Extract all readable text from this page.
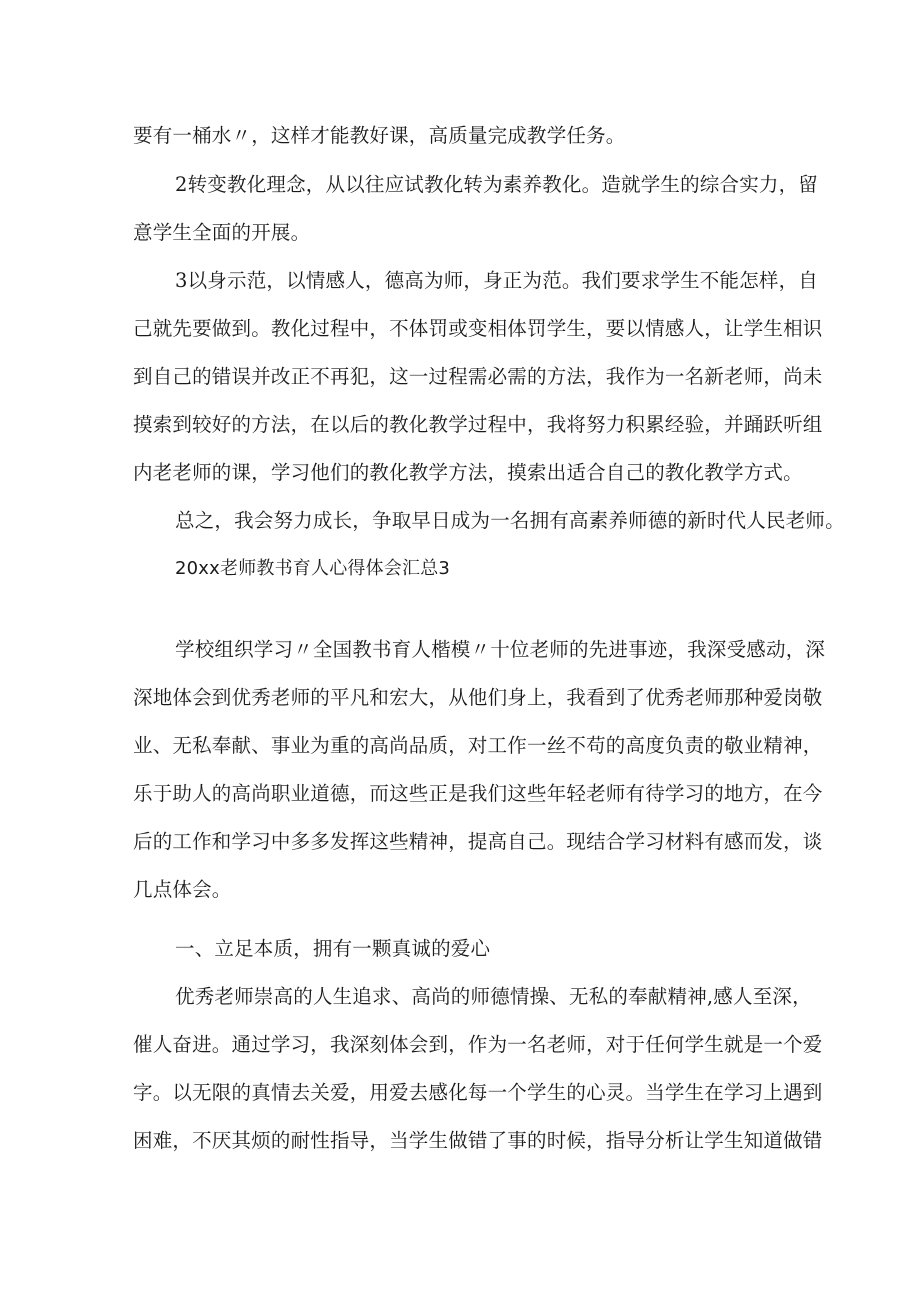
要有一桶水〃，这样才能教好课，高质量完成教学任务。
2转变教化理念，从以往应试教化转为素养教化。造就学生的综合实力，留
意学生全面的开展。
3以身示范，以情感人，德高为师，身正为范。我们要求学生不能怎样，自
己就先要做到。教化过程中，不体罚或变相体罚学生，要以情感人，让学生相识
到自己的错误并改正不再犯，这一过程需必需的方法，我作为一名新老师，尚未
摸索到较好的方法，在以后的教化教学过程中，我将努力积累经验，并踊跃听组
内老老师的课，学习他们的教化教学方法，摸索出适合自己的教化教学方式。
总之，我会努力成长，争取早日成为一名拥有高素养师德的新时代人民老师。
20xx老师教书育人心得体会汇总3
学校组织学习〃全国教书育人楷模〃十位老师的先进事迹，我深受感动，深
深地体会到优秀老师的平凡和宏大，从他们身上，我看到了优秀老师那种爱岗敬
业、无私奉献、事业为重的高尚品质，对工作一丝不苟的高度负责的敬业精神，
乐于助人的高尚职业道德，而这些正是我们这些年轻老师有待学习的地方，在今
后的工作和学习中多多发挥这些精神，提高自己。现结合学习材料有感而发，谈
几点体会。
一、立足本质，拥有一颗真诚的爱心
优秀老师崇高的人生追求、高尚的师德情操、无私的奉献精神,感人至深，
催人奋进。通过学习，我深刻体会到，作为一名老师，对于任何学生就是一个爱
字。以无限的真情去关爱，用爱去感化每一个学生的心灵。当学生在学习上遇到
困难，不厌其烦的耐性指导，当学生做错了事的时候，指导分析让学生知道做错
